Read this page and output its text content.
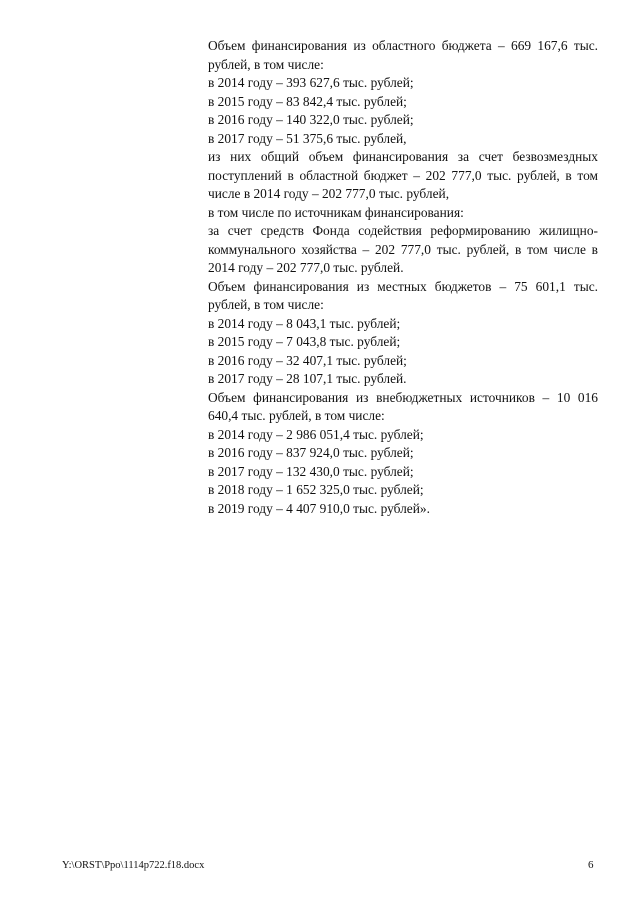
Объем финансирования из областного бюджета – 669 167,6 тыс. рублей, в том числе:

в 2014 году – 393 627,6 тыс. рублей;

в 2015 году – 83 842,4 тыс. рублей;

в 2016 году – 140 322,0 тыс. рублей;

в 2017 году – 51 375,6 тыс. рублей,

из них общий объем финансирования за счет безвозмездных поступлений в областной бюджет – 202 777,0 тыс. рублей, в том числе в 2014 году – 202 777,0 тыс. рублей,

в том числе по источникам финансирования:

за счет средств Фонда содействия реформированию жилищно-коммунального хозяйства – 202 777,0 тыс. рублей, в том числе в 2014 году – 202 777,0 тыс. рублей.

Объем финансирования из местных бюджетов – 75 601,1 тыс. рублей, в том числе:

в 2014 году – 8 043,1 тыс. рублей;

в 2015 году – 7 043,8 тыс. рублей;

в 2016 году – 32 407,1 тыс. рублей;

в 2017 году – 28 107,1 тыс. рублей.

Объем финансирования из внебюджетных источников – 10 016 640,4 тыс. рублей, в том числе:

в 2014 году – 2 986 051,4 тыс. рублей;

в 2016 году – 837 924,0 тыс. рублей;

в 2017 году – 132 430,0 тыс. рублей;

в 2018 году – 1 652 325,0 тыс. рублей;

в 2019 году – 4 407 910,0 тыс. рублей».

Y:\ORST\Ppo\1114p722.f18.docx	6
